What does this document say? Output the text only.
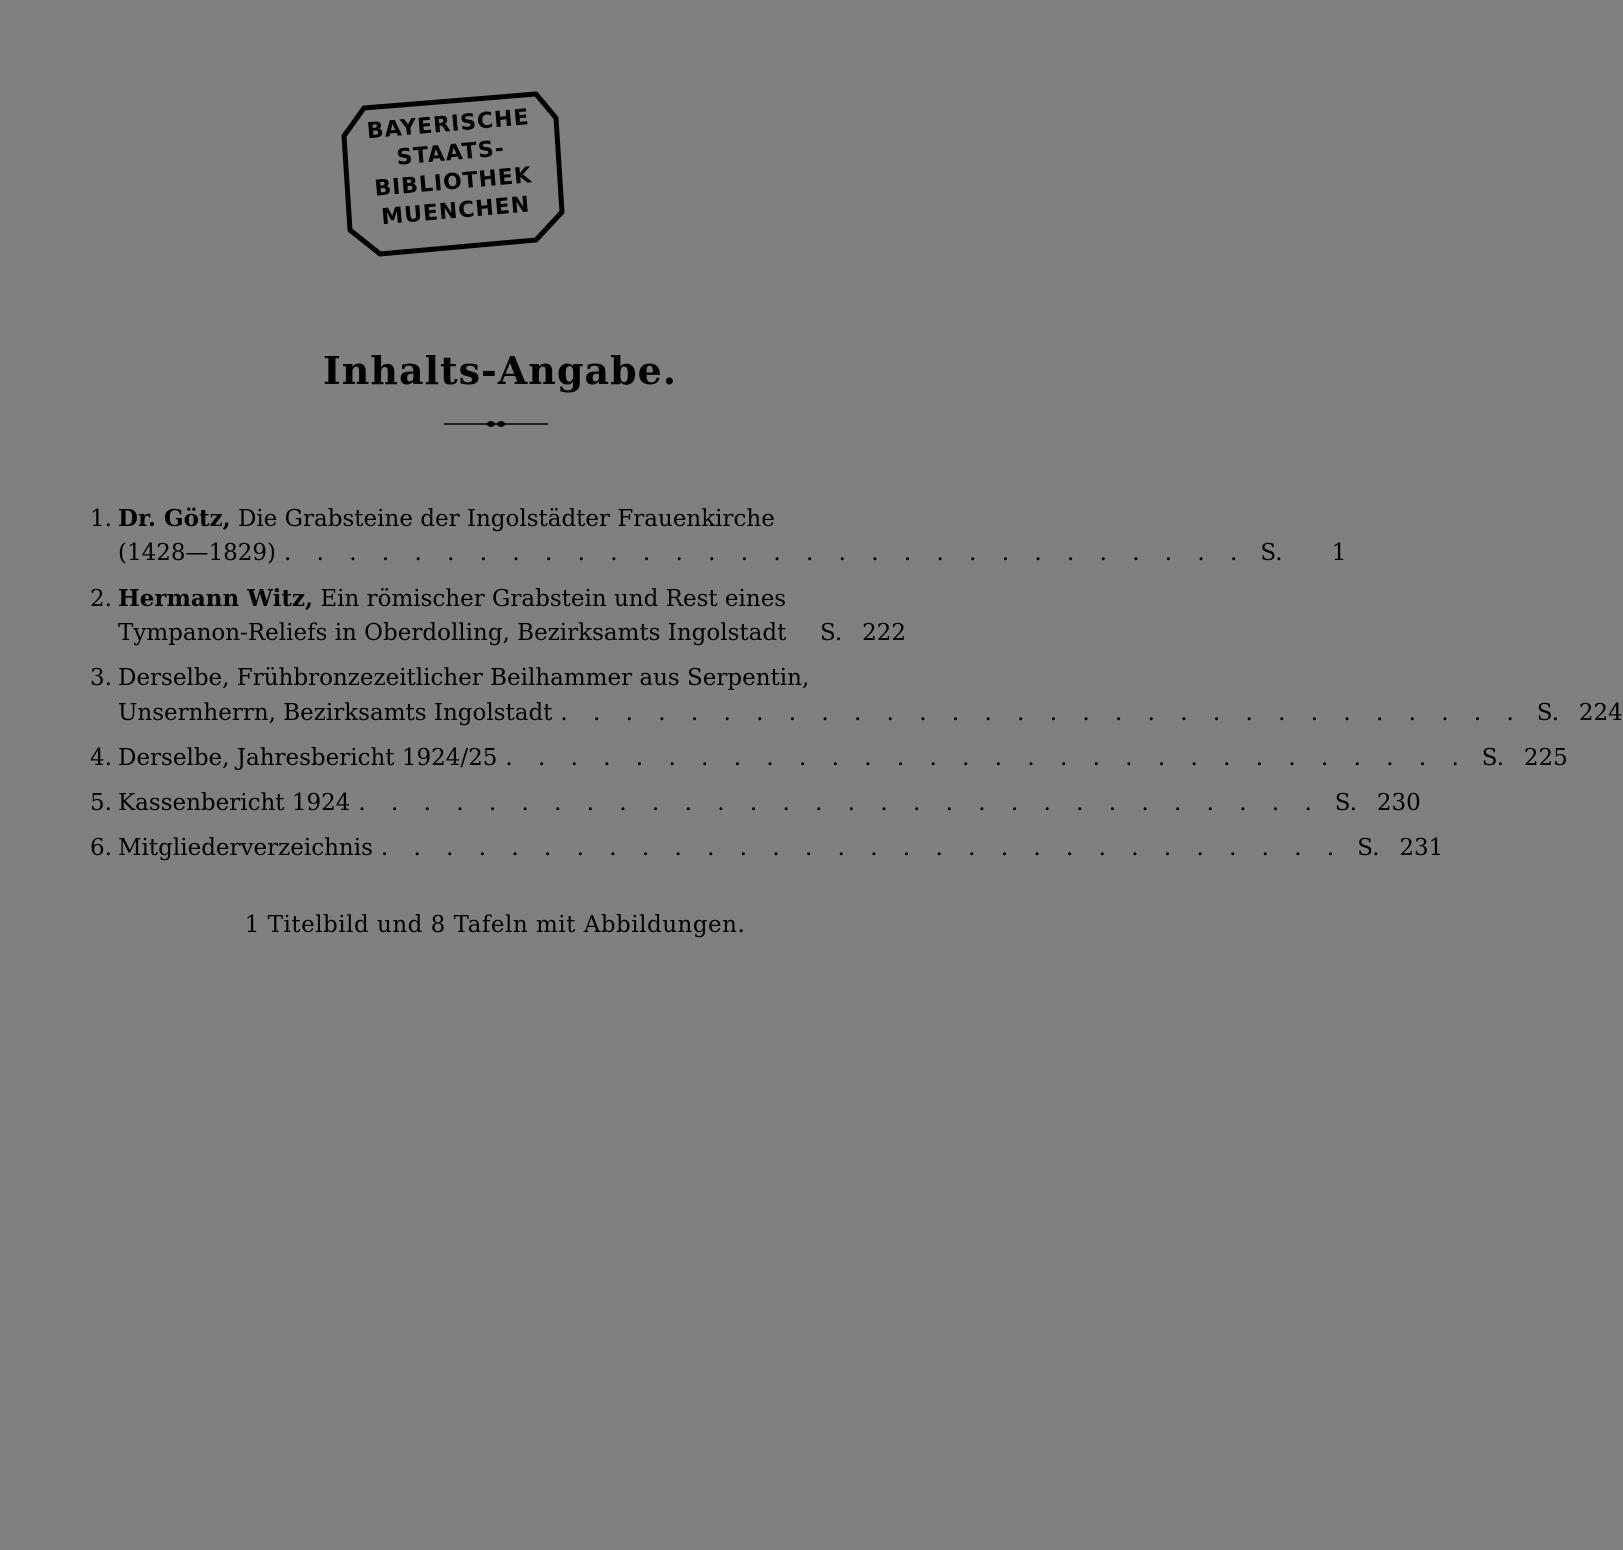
BAYERISCHE
STAATS-
BIBLIOTHEK
MUENCHEN
Inhalts-Angabe.
1. Dr. Götz, Die Grabsteine der Ingolstädter Frauenkirche
(1428—1829) . . . . . . . . . . . . . . . . . . . . . . . . . . . . . . S. 1
2. Hermann Witz, Ein römischer Grabstein und Rest eines
Tympanon-Reliefs in Oberdolling, Bezirksamts Ingolstadt S. 222
3. Derselbe, Frühbronzezeitlicher Beilhammer aus Serpentin,
Unsernherrn, Bezirksamts Ingolstadt . . . . . . . . . . . . . . . . . . . . . . . . . . . . . . S. 224
4. Derselbe, Jahresbericht 1924/25 . . . . . . . . . . . . . . . . . . . . . . . . . . . . . . S. 225
5. Kassenbericht 1924 . . . . . . . . . . . . . . . . . . . . . . . . . . . . . . S. 230
6. Mitgliederverzeichnis . . . . . . . . . . . . . . . . . . . . . . . . . . . . . . S. 231
1 Titelbild und 8 Tafeln mit Abbildungen.
